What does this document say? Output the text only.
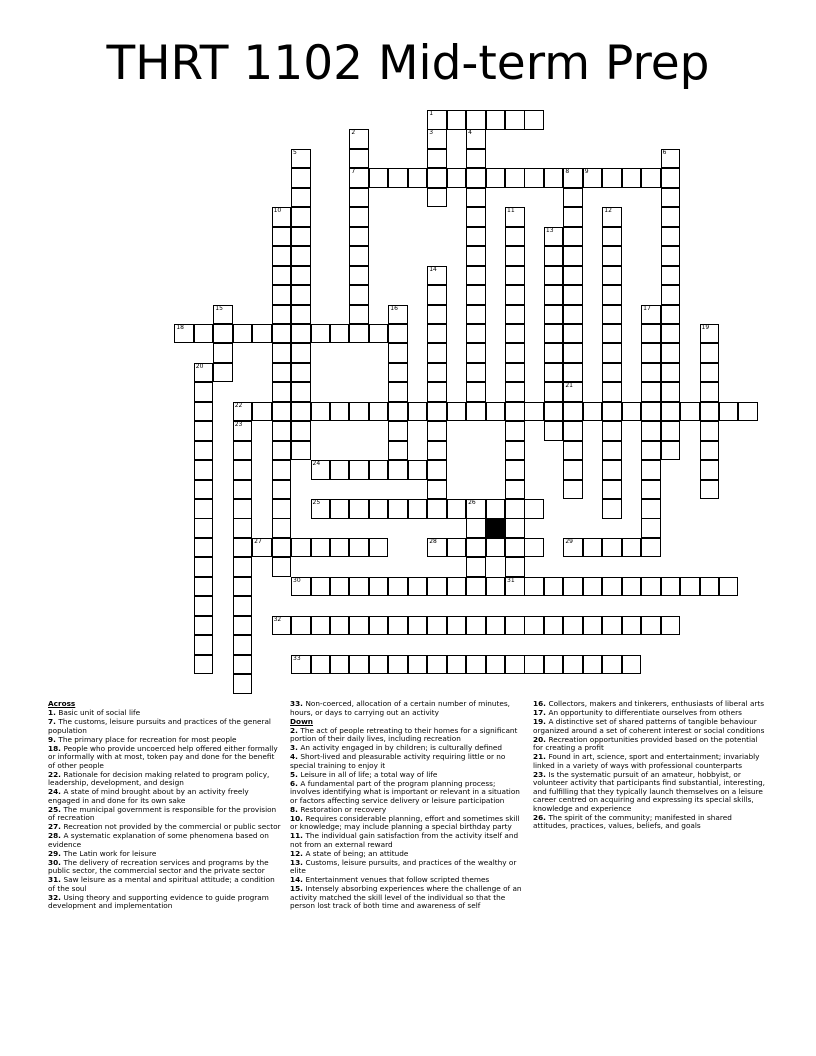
THRT 1102 Mid-term Prep
1
7	9
18
22
24
25	26
27	28	29
30	31
32
33
2	3	4
5	6
8
10	11	12
13
14
15	16	17
19
20
21
23

Across

1. Basic unit of social life

7. The customs, leisure pursuits and practices of the general population

9. The primary place for recreation for most people

18. People who provide uncoerced help offered either formally or informally with at most, token pay and done for the benefit of other people

22. Rationale for decision making related to program policy, leadership, development, and design

24. A state of mind brought about by an activity freely engaged in and done for its own sake

25. The municipal government is responsible for the provision of recreation

27. Recreation not provided by the commercial or public sector

28. A systematic explanation of some phenomena based on evidence

29. The Latin work for leisure

30. The delivery of recreation services and programs by the public sector, the commercial sector and the private sector

31. Saw leisure as a mental and spiritual attitude; a condition of the soul

32. Using theory and supporting evidence to guide program development and implementation

33. Non-coerced, allocation of a certain number of minutes, hours, or days to carrying out an activity

Down

2. The act of people retreating to their homes for a significant portion of their daily lives, including recreation

3. An activity engaged in by children; is culturally defined

4. Short-lived and pleasurable activity requiring little or no special training to enjoy it

5. Leisure in all of life; a total way of life

6. A fundamental part of the program planning process; involves identifying what is important or relevant in a situation or factors affecting service delivery or leisure participation

8. Restoration or recovery

10. Requires considerable planning, effort and sometimes skill or knowledge; may include planning a special birthday party

11. The individual gain satisfaction from the activity itself and not from an external reward

12. A state of being; an attitude

13. Customs, leisure pursuits, and practices of the wealthy or elite

14. Entertainment venues that follow scripted themes

15. Intensely absorbing experiences where the challenge of an activity matched the skill level of the individual so that the person lost track of both time and awareness of self

16. Collectors, makers and tinkerers, enthusiasts of liberal arts

17. An opportunity to differentiate ourselves from others

19. A distinctive set of shared patterns of tangible behaviour organized around a set of coherent interest or social conditions

20. Recreation opportunities provided based on the potential for creating a profit

21. Found in art, science, sport and entertainment; invariably linked in a variety of ways with professional counterparts

23. Is the systematic pursuit of an amateur, hobbyist, or volunteer activity that participants find substantial, interesting, and fulfilling that they typically launch themselves on a leisure career centred on acquiring and expressing its special skills, knowledge and experience

26. The spirit of the community; manifested in shared attitudes, practices, values, beliefs, and goals
